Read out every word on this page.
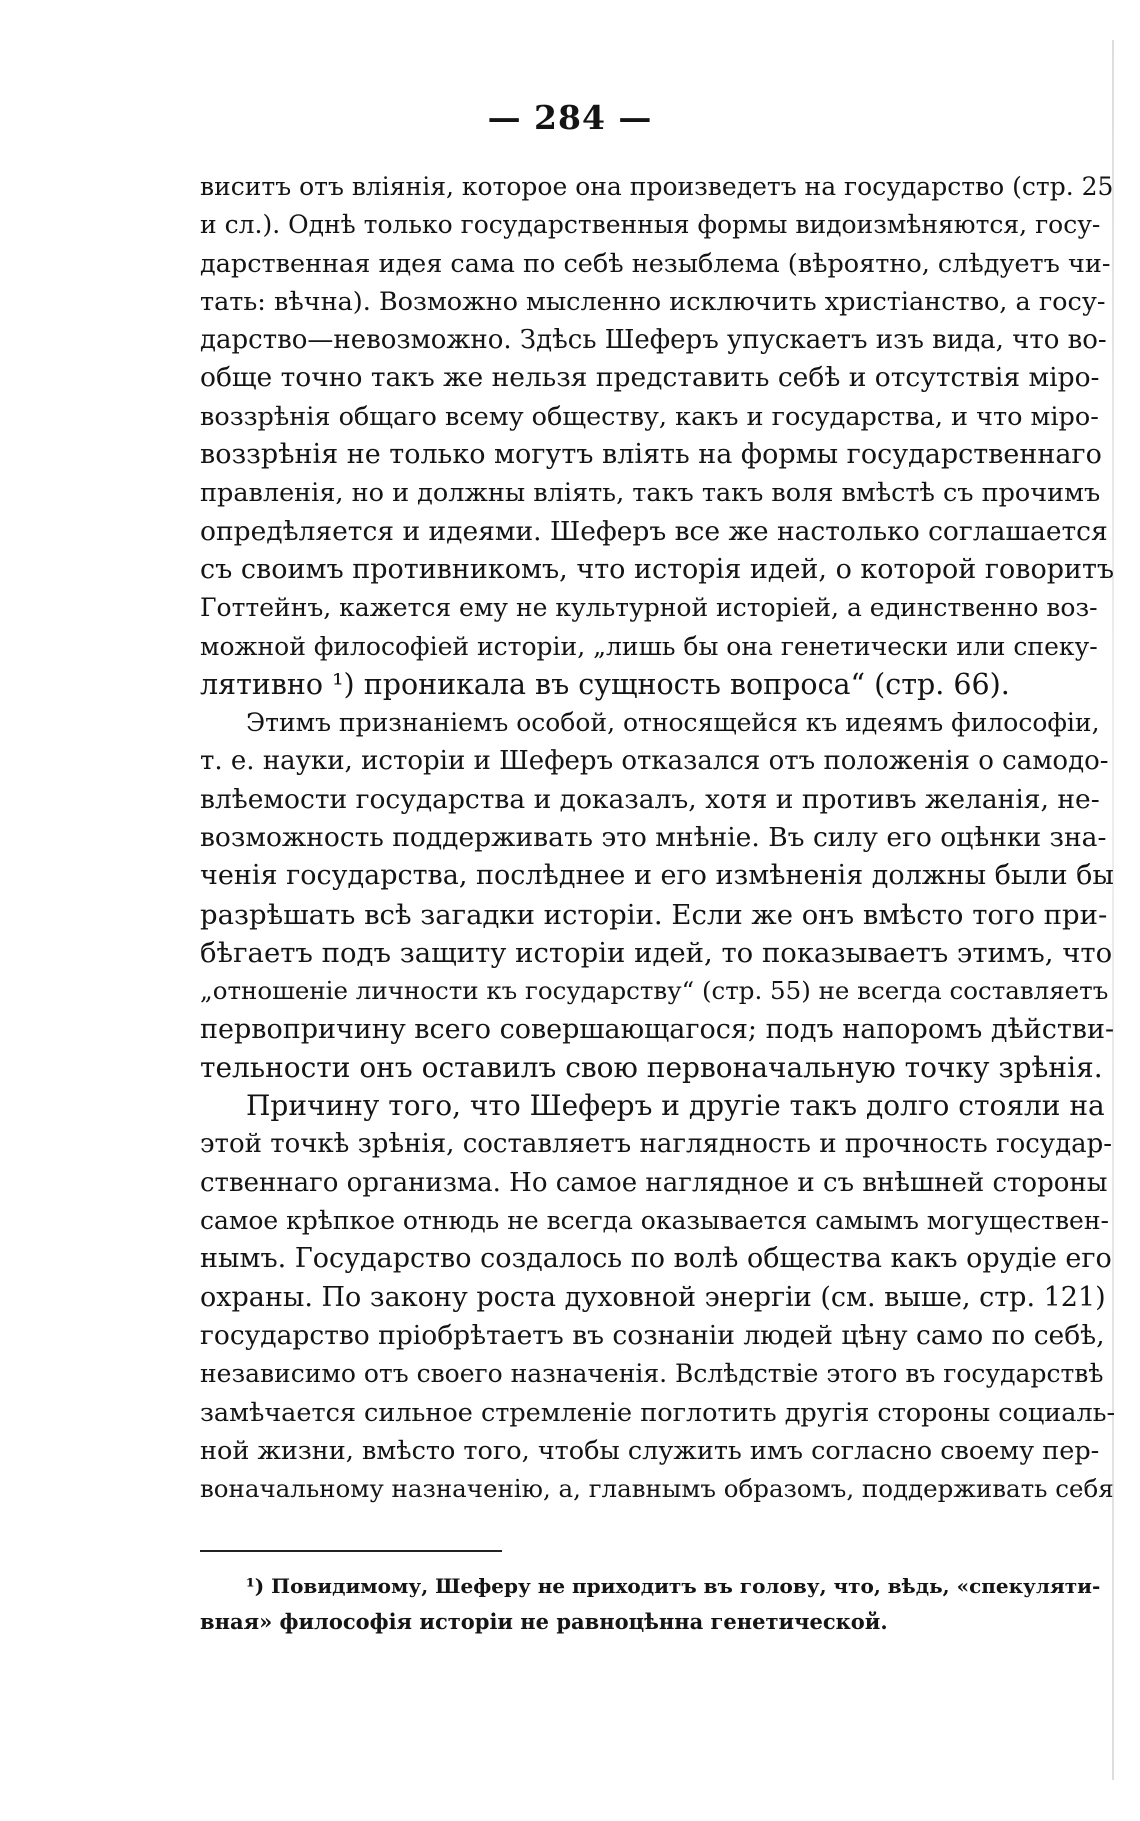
— 284 —
виситъ отъ влiянiя, которое она произведетъ на государство (стр. 25
и сл.). Однѣ только государственныя формы видоизмѣняются, госу-
дарственная идея сама по себѣ незыблема (вѣроятно, слѣдуетъ чи-
тать: вѣчна). Возможно мысленно исключить христiанство, а госу-
дарство—невозможно. Здѣсь Шеферъ упускаетъ изъ вида, что во-
обще точно такъ же нельзя представить себѣ и отсутствiя мiро-
воззрѣнiя общаго всему обществу, какъ и государства, и что мiро-
воззрѣнiя не только могутъ влiять на формы государственнаго
правленiя, но и должны влiять, такъ такъ воля вмѣстѣ съ прочимъ
опредѣляется и идеями. Шеферъ все же настолько соглашается
съ своимъ противникомъ, что исторiя идей, о которой говоритъ
Готтейнъ, кажется ему не культурной исторiей, а единственно воз-
можной философiей исторiи, „лишь бы она генетически или спеку-
лятивно ¹) проникала въ сущность вопроса“ (стр. 66).
Этимъ признанiемъ особой, относящейся къ идеямъ философiи,
т. е. науки, исторiи и Шеферъ отказался отъ положенiя о самодо-
влѣемости государства и доказалъ, хотя и противъ желанiя, не-
возможность поддерживать это мнѣнiе. Въ силу его оцѣнки зна-
ченiя государства, послѣднее и его измѣненiя должны были бы
разрѣшать всѣ загадки исторiи. Если же онъ вмѣсто того при-
бѣгаетъ подъ защиту исторiи идей, то показываетъ этимъ, что
„отношенiе личности къ государству“ (стр. 55) не всегда составляетъ
первопричину всего совершающагося; подъ напоромъ дѣйстви-
тельности онъ оставилъ свою первоначальную точку зрѣнiя.
Причину того, что Шеферъ и другiе такъ долго стояли на
этой точкѣ зрѣнiя, составляетъ наглядность и прочность государ-
ственнаго организма. Но самое наглядное и съ внѣшней стороны
самое крѣпкое отнюдь не всегда оказывается самымъ могуществен-
нымъ. Государство создалось по волѣ общества какъ орудiе его
охраны. По закону роста духовной энергiи (см. выше, стр. 121)
государство прiобрѣтаетъ въ сознанiи людей цѣну само по себѣ,
независимо отъ своего назначенiя. Вслѣдствiе этого въ государствѣ
замѣчается сильное стремленiе поглотить другiя стороны социаль-
ной жизни, вмѣсто того, чтобы служить имъ согласно своему пер-
воначальному назначенiю, а, главнымъ образомъ, поддерживать себя
¹) Повидимому, Шеферу не приходитъ въ голову, что, вѣдь, «спекуляти-
вная» философiя исторiи не равноцѣнна генетической.
